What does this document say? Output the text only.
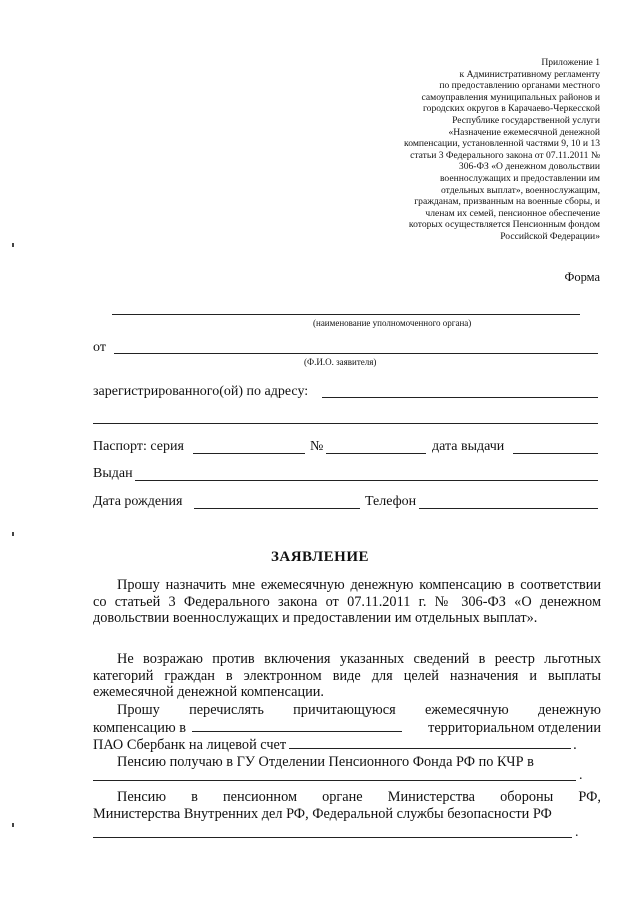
Приложение 1
к Административному регламенту
по предоставлению органами местного
самоуправления муниципальных районов и
городских округов в Карачаево-Черкесской
Республике государственной услуги
«Назначение ежемесячной денежной
компенсации, установленной частями 9, 10 и 13
статьи 3 Федерального закона от 07.11.2011 №
306-ФЗ «О денежном довольствии
военнослужащих и предоставлении им
отдельных выплат», военнослужащим,
гражданам, призванным на военные сборы, и
членам их семей, пенсионное обеспечение
которых осуществляется Пенсионным фондом
Российской Федерации»
Форма
(наименование уполномоченного органа)
от
(Ф.И.О. заявителя)
зарегистрированного(ой) по адресу:
Паспорт: серия	№	дата выдачи
Выдан
Дата рождения	Телефон
ЗАЯВЛЕНИЕ
Прошу назначить мне ежемесячную денежную компенсацию в соответствии со статьей 3 Федерального закона от 07.11.2011 г. № 306-ФЗ «О денежном довольствии военнослужащих и предоставлении им отдельных выплат».
Не возражаю против включения указанных сведений в реестр льготных категорий граждан в электронном виде для целей назначения и выплаты ежемесячной денежной компенсации.
Прошу перечислять причитающуюся ежемесячную денежную
компенсацию в	территориальном отделении
ПАО Сбербанк на лицевой счет	.
Пенсию получаю в ГУ Отделении Пенсионного Фонда РФ по КЧР в
.
Пенсию в пенсионном органе Министерства обороны РФ,
Министерства Внутренних дел РФ, Федеральной службы безопасности РФ
.
